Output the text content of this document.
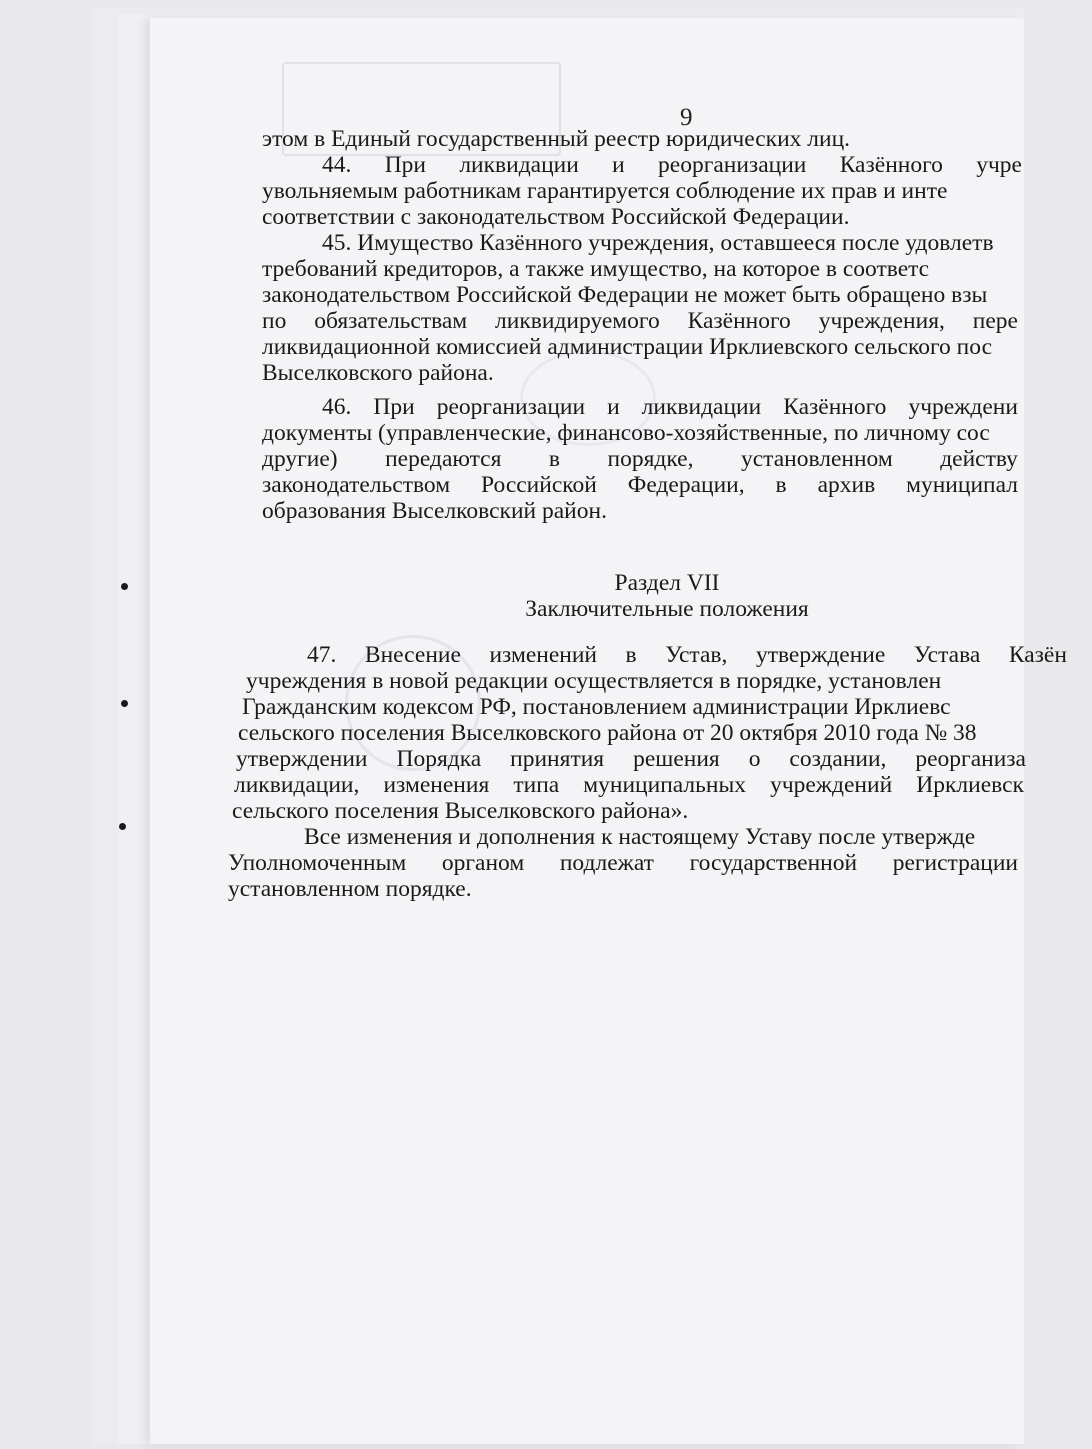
9
этом в Единый государственный реестр юридических лиц.
44. При ликвидации и реорганизации Казённого учре
увольняемым работникам гарантируется соблюдение их прав и инте
соответствии с законодательством Российской Федерации.
45. Имущество Казённого учреждения, оставшееся после удовлетв
требований кредиторов, а также имущество, на которое в соответс
законодательством Российской Федерации не может быть обращено взы
по обязательствам ликвидируемого Казённого учреждения, пере
ликвидационной комиссией администрации Ирклиевского сельского пос
Выселковского района.
46. При реорганизации и ликвидации Казённого учреждени
документы (управленческие, финансово-хозяйственные, по личному сос
другие) передаются в порядке, установленном действу
законодательством Российской Федерации, в архив муниципал
образования Выселковский район.
Раздел VII
Заключительные положения
47. Внесение изменений в Устав, утверждение Устава Казён
учреждения в новой редакции осуществляется в порядке, установлен
Гражданским кодексом РФ, постановлением администрации Ирклиевс
сельского поселения Выселковского района от 20 октября 2010 года № 38
утверждении Порядка принятия решения о создании, реорганиза
ликвидации, изменения типа муниципальных учреждений Ирклиевск
сельского поселения Выселковского района».
Все изменения и дополнения к настоящему Уставу после утвержде
Уполномоченным органом подлежат государственной регистрации
установленном порядке.
